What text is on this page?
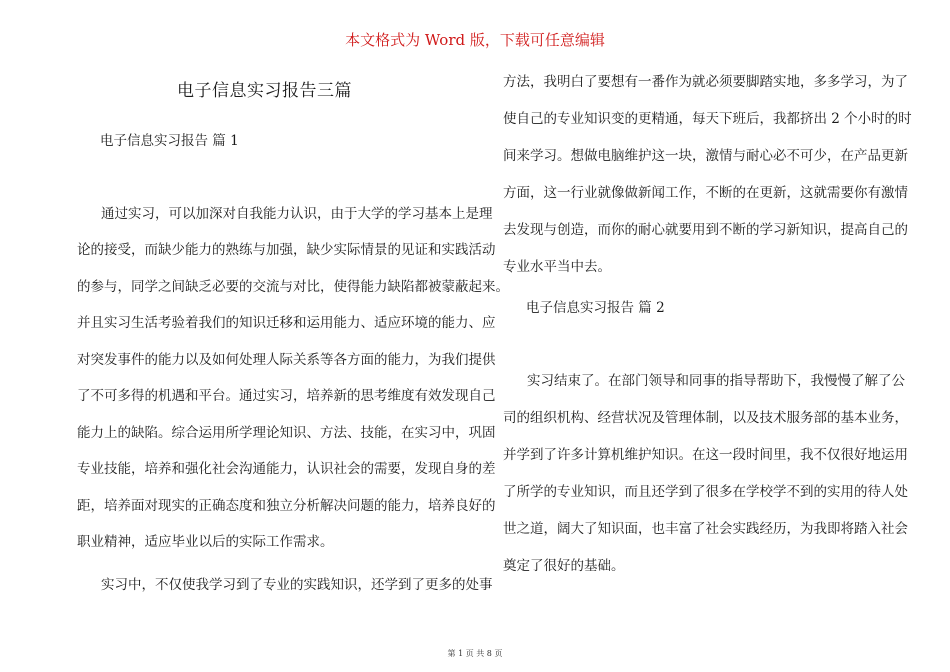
本文格式为 Word 版，下载可任意编辑
电子信息实习报告三篇
电子信息实习报告 篇 1
通过实习，可以加深对自我能力认识，由于大学的学习基本上是理
论的接受，而缺少能力的熟练与加强，缺少实际情景的见证和实践活动
的参与，同学之间缺乏必要的交流与对比，使得能力缺陷都被蒙蔽起来。
并且实习生活考验着我们的知识迁移和运用能力、适应环境的能力、应
对突发事件的能力以及如何处理人际关系等各方面的能力，为我们提供
了不可多得的机遇和平台。通过实习，培养新的思考维度有效发现自己
能力上的缺陷。综合运用所学理论知识、方法、技能，在实习中，巩固
专业技能，培养和强化社会沟通能力，认识社会的需要，发现自身的差
距，培养面对现实的正确态度和独立分析解决问题的能力，培养良好的
职业精神，适应毕业以后的实际工作需求。
实习中，不仅使我学习到了专业的实践知识，还学到了更多的处事
方法，我明白了要想有一番作为就必须要脚踏实地，多多学习，为了
使自己的专业知识变的更精通，每天下班后，我都挤出 2 个小时的时
间来学习。想做电脑维护这一块，激情与耐心必不可少，在产品更新
方面，这一行业就像做新闻工作，不断的在更新，这就需要你有激情
去发现与创造，而你的耐心就要用到不断的学习新知识，提高自己的
专业水平当中去。
电子信息实习报告 篇 2
实习结束了。在部门领导和同事的指导帮助下，我慢慢了解了公
司的组织机构、经营状况及管理体制，以及技术服务部的基本业务，
并学到了许多计算机维护知识。在这一段时间里，我不仅很好地运用
了所学的专业知识，而且还学到了很多在学校学不到的实用的待人处
世之道，阔大了知识面，也丰富了社会实践经历，为我即将踏入社会
奠定了很好的基础。
第 1 页 共 8 页
